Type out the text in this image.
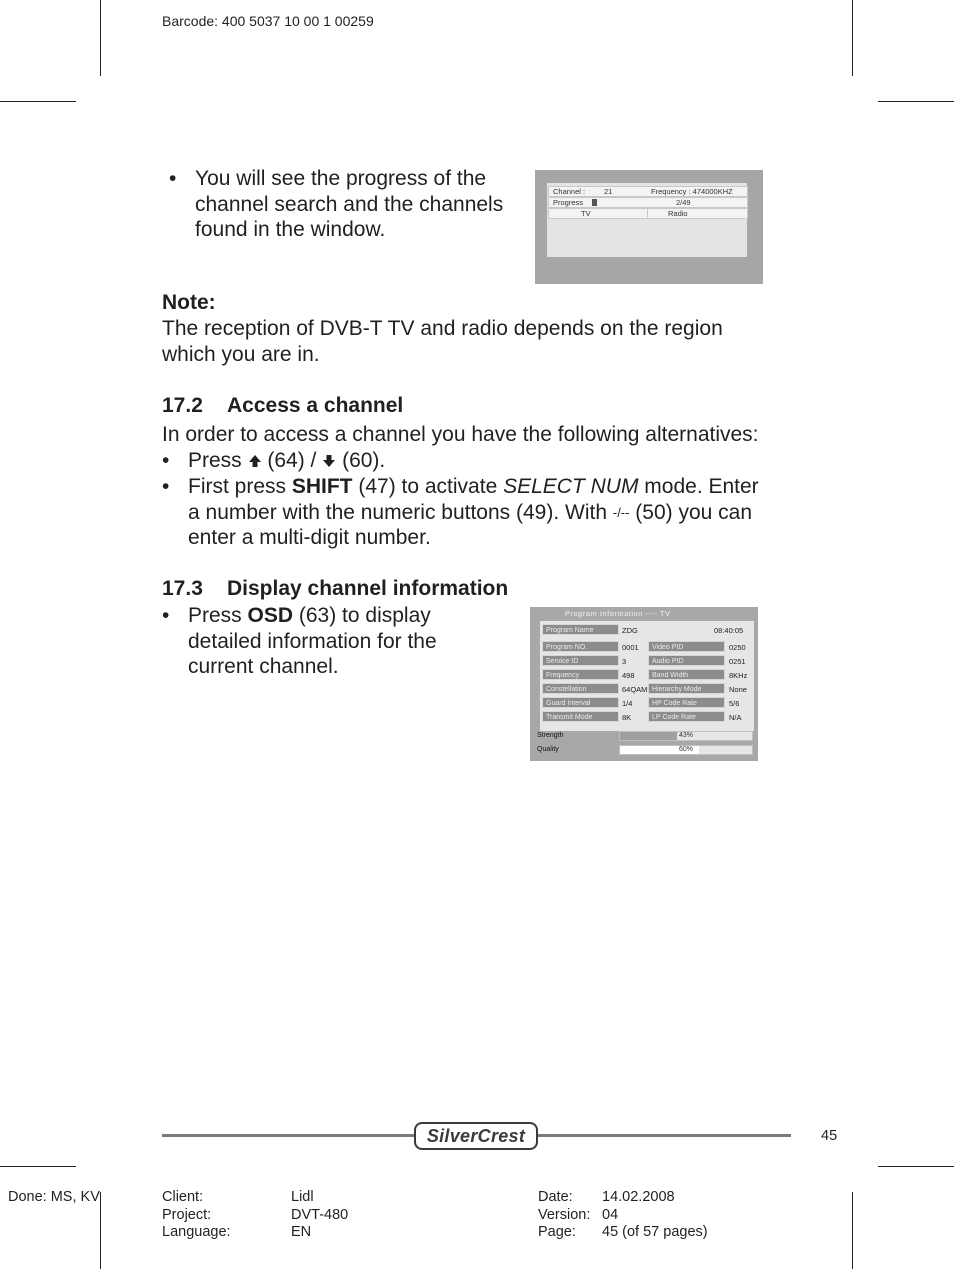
Barcode: 400 5037 10 00 1 00259
• You will see the progress of the
channel search and the channels
found in the window.
Channel :	21	Frequency : 474000KHZ
Progress	2/49
TV	Radio
Note:
The reception of DVB-T TV and radio depends on the region
which you are in.
17.2 Access a channel
In order to access a channel you have the following alternatives:
• Press (64) / (60).
• First press SHIFT (47) to activate SELECT NUM mode. Enter
a number with the numeric buttons (49). With -/-- (50) you can
enter a multi-digit number.
17.3 Display channel information
• Press OSD (63) to display
detailed information for the
current channel.
Program Information ---- TV
Program Name	ZDG	08:40:05
Program NO.	0001	Video PID	0250
Service ID	3	Audio PID	0251
Frequency	498	Band Width	8KHz
Constellation	64QAM Hierarchy Mode	None
Guard Interval	1/4	HP Code Rate	5/6
Transmit Mode	8K	LP Code Rate	N/A
Strength	43%
Quality	60%
SilverCrest	45
Done: MS, KV	Client:	Lidl
Project:	DVT-480
Language:	EN
Date: 14.02.2008
Version: 04
Page: 45 (of 57 pages)
